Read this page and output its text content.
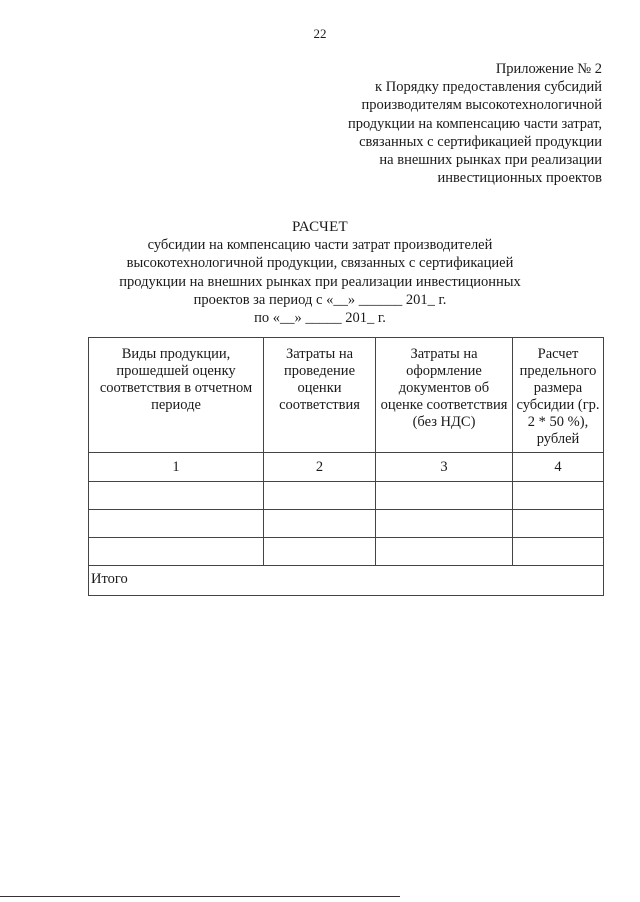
22
Приложение № 2
к Порядку предоставления субсидий
производителям высокотехнологичной
продукции на компенсацию части затрат,
связанных с сертификацией продукции
на внешних рынках при реализации
инвестиционных проектов
РАСЧЕТ
субсидии на компенсацию части затрат производителей
высокотехнологичной продукции, связанных с сертификацией
продукции на внешних рынках при реализации инвестиционных
проектов за период с «__» ______ 201_ г.
по «__» _____ 201_ г.
Виды продукции, прошедшей оценку соответствия в отчетном периоде	Затраты на проведение оценки соответствия	Затраты на оформление документов об оценке соответствия (без НДС)	Расчет предельного размера субсидии (гр. 2 * 50 %), рублей
1	2	3	4

Итого			
